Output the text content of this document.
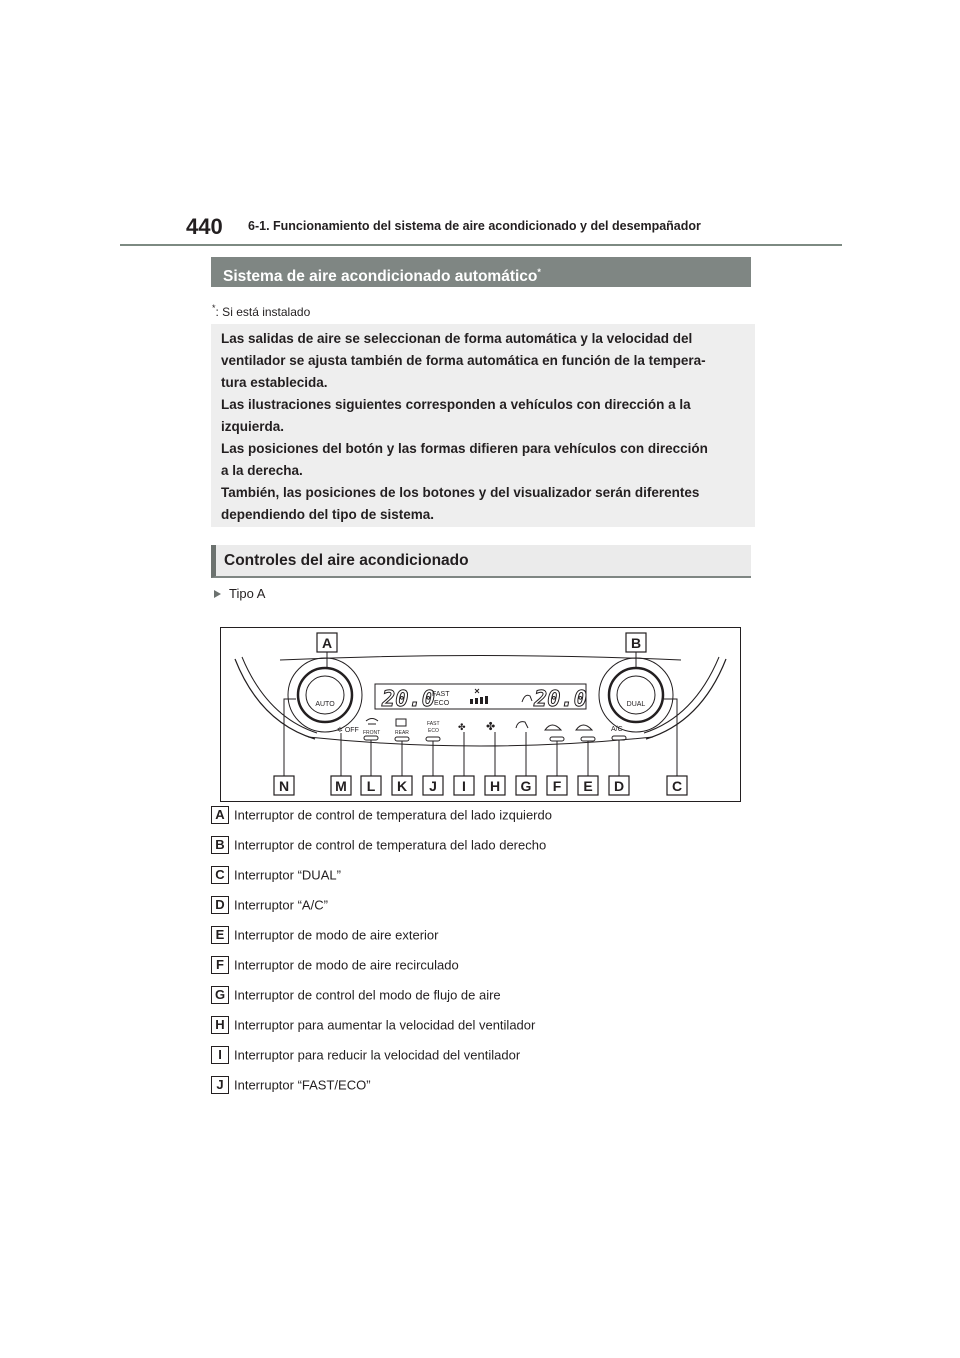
440 6-1. Funcionamiento del sistema de aire acondicionado y del desempañador
Sistema de aire acondicionado automático*
*: Si está instalado

Las salidas de aire se seleccionan de forma automática y la velocidad del

ventilador se ajusta también de forma automática en función de la tempera-

tura establecida.

Las ilustraciones siguientes corresponden a vehículos con dirección a la

izquierda.

Las posiciones del botón y las formas difieren para vehículos con dirección

a la derecha.

También, las posiciones de los botones y del visualizador serán diferentes

dependiendo del tipo de sistema.

Controles del aire acondicionado
Tipo A
AUTO	DUAL
20.0
FAST
ECO	20.0
✲ OFF FRONT	REAR
FAST
ECO ✤ ✤	A/C
A	B
N	M L K J I H G F E D	C
A Interruptor de control de temperatura del lado izquierdo
B Interruptor de control de temperatura del lado derecho
C Interruptor “DUAL”
D Interruptor “A/C”
E Interruptor de modo de aire exterior
F Interruptor de modo de aire recirculado
G Interruptor de control del modo de flujo de aire
H Interruptor para aumentar la velocidad del ventilador
I Interruptor para reducir la velocidad del ventilador
J Interruptor “FAST/ECO”
